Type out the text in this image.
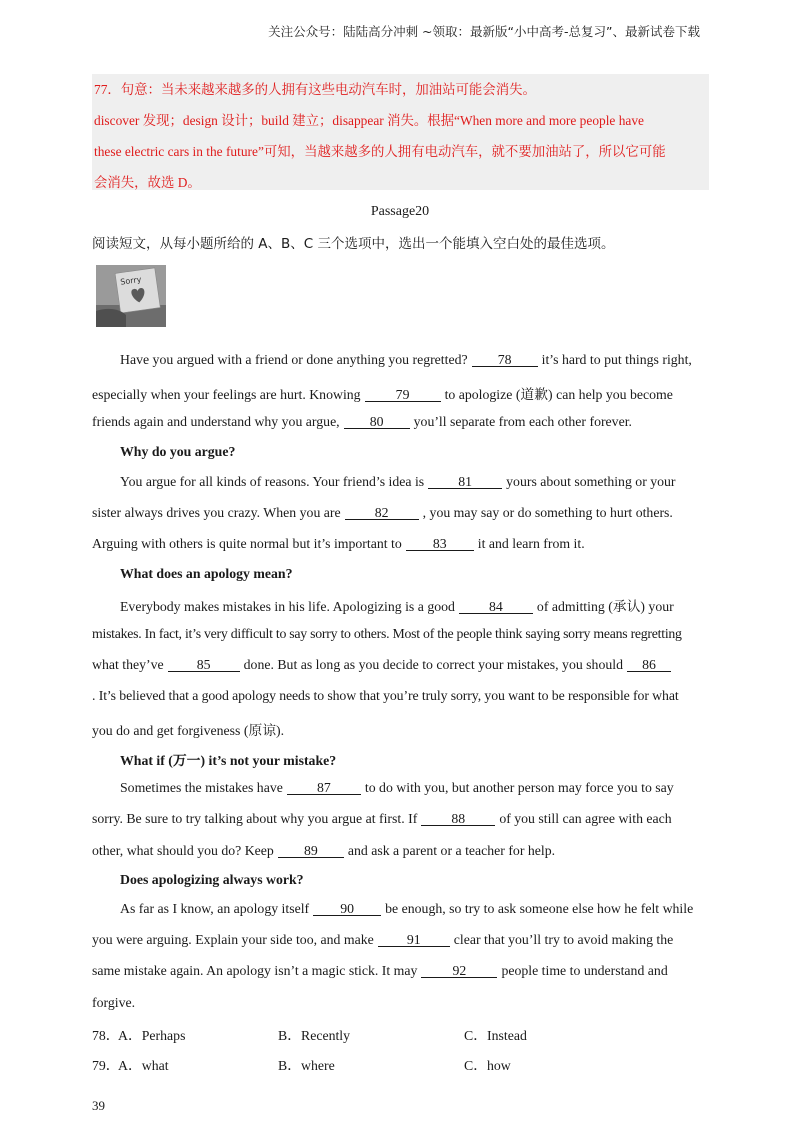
关注公众号：陆陆高分冲刺 ~领取：最新版“小中高考-总复习”、最新试卷下载

77．句意：当未来越来越多的人拥有这些电动汽车时，加油站可能会消失。

discover 发现；design 设计；build 建立；disappear 消失。根据“When more and more people have

these electric cars in the future”可知，当越来越多的人拥有电动汽车，就不要加油站了，所以它可能

会消失，故选 D。

Passage20
阅读短文，从每小题所给的 A、B、C 三个选项中，选出一个能填入空白处的最佳选项。
Sorry
Have you argued with a friend or done anything you regretted? 78 it’s hard to put things right,
especially when your feelings are hurt. Knowing	79	to apologize (道歉) can help you become
friends again and understand why you argue, 80 you’ll separate from each other forever.
Why do you argue?
You argue for all kinds of reasons. Your friend’s idea is 81 yours about something or your
sister always drives you crazy. When you are 82 , you may say or do something to hurt others.
Arguing with others is quite normal but it’s important to 83 it and learn from it.
What does an apology mean?
Everybody makes mistakes in his life. Apologizing is a good 84 of admitting (承认) your
mistakes. In fact, it’s very difficult to say sorry to others. Most of the people think saying sorry means regretting
what they’ve 85 done. But as long as you decide to correct your mistakes, you should 86
. It’s believed that a good apology needs to show that you’re truly sorry, you want to be responsible for what
you do and get forgiveness (原谅).
What if (万一) it’s not your mistake?
Sometimes the mistakes have 87 to do with you, but another person may force you to say
sorry. Be sure to try talking about why you argue at first. If 88 of you still can agree with each
other, what should you do? Keep 89 and ask a parent or a teacher for help.
Does apologizing always work?
As far as I know, an apology itself 90 be enough, so try to ask someone else how he felt while
you were arguing. Explain your side too, and make 91 clear that you’ll try to avoid making the
same mistake again. An apology isn’t a magic stick. It may	92	people time to understand and
forgive.
78．
A．Perhaps	B．Recently	C．Instead
79．
A．what	B．where	C．how
39
